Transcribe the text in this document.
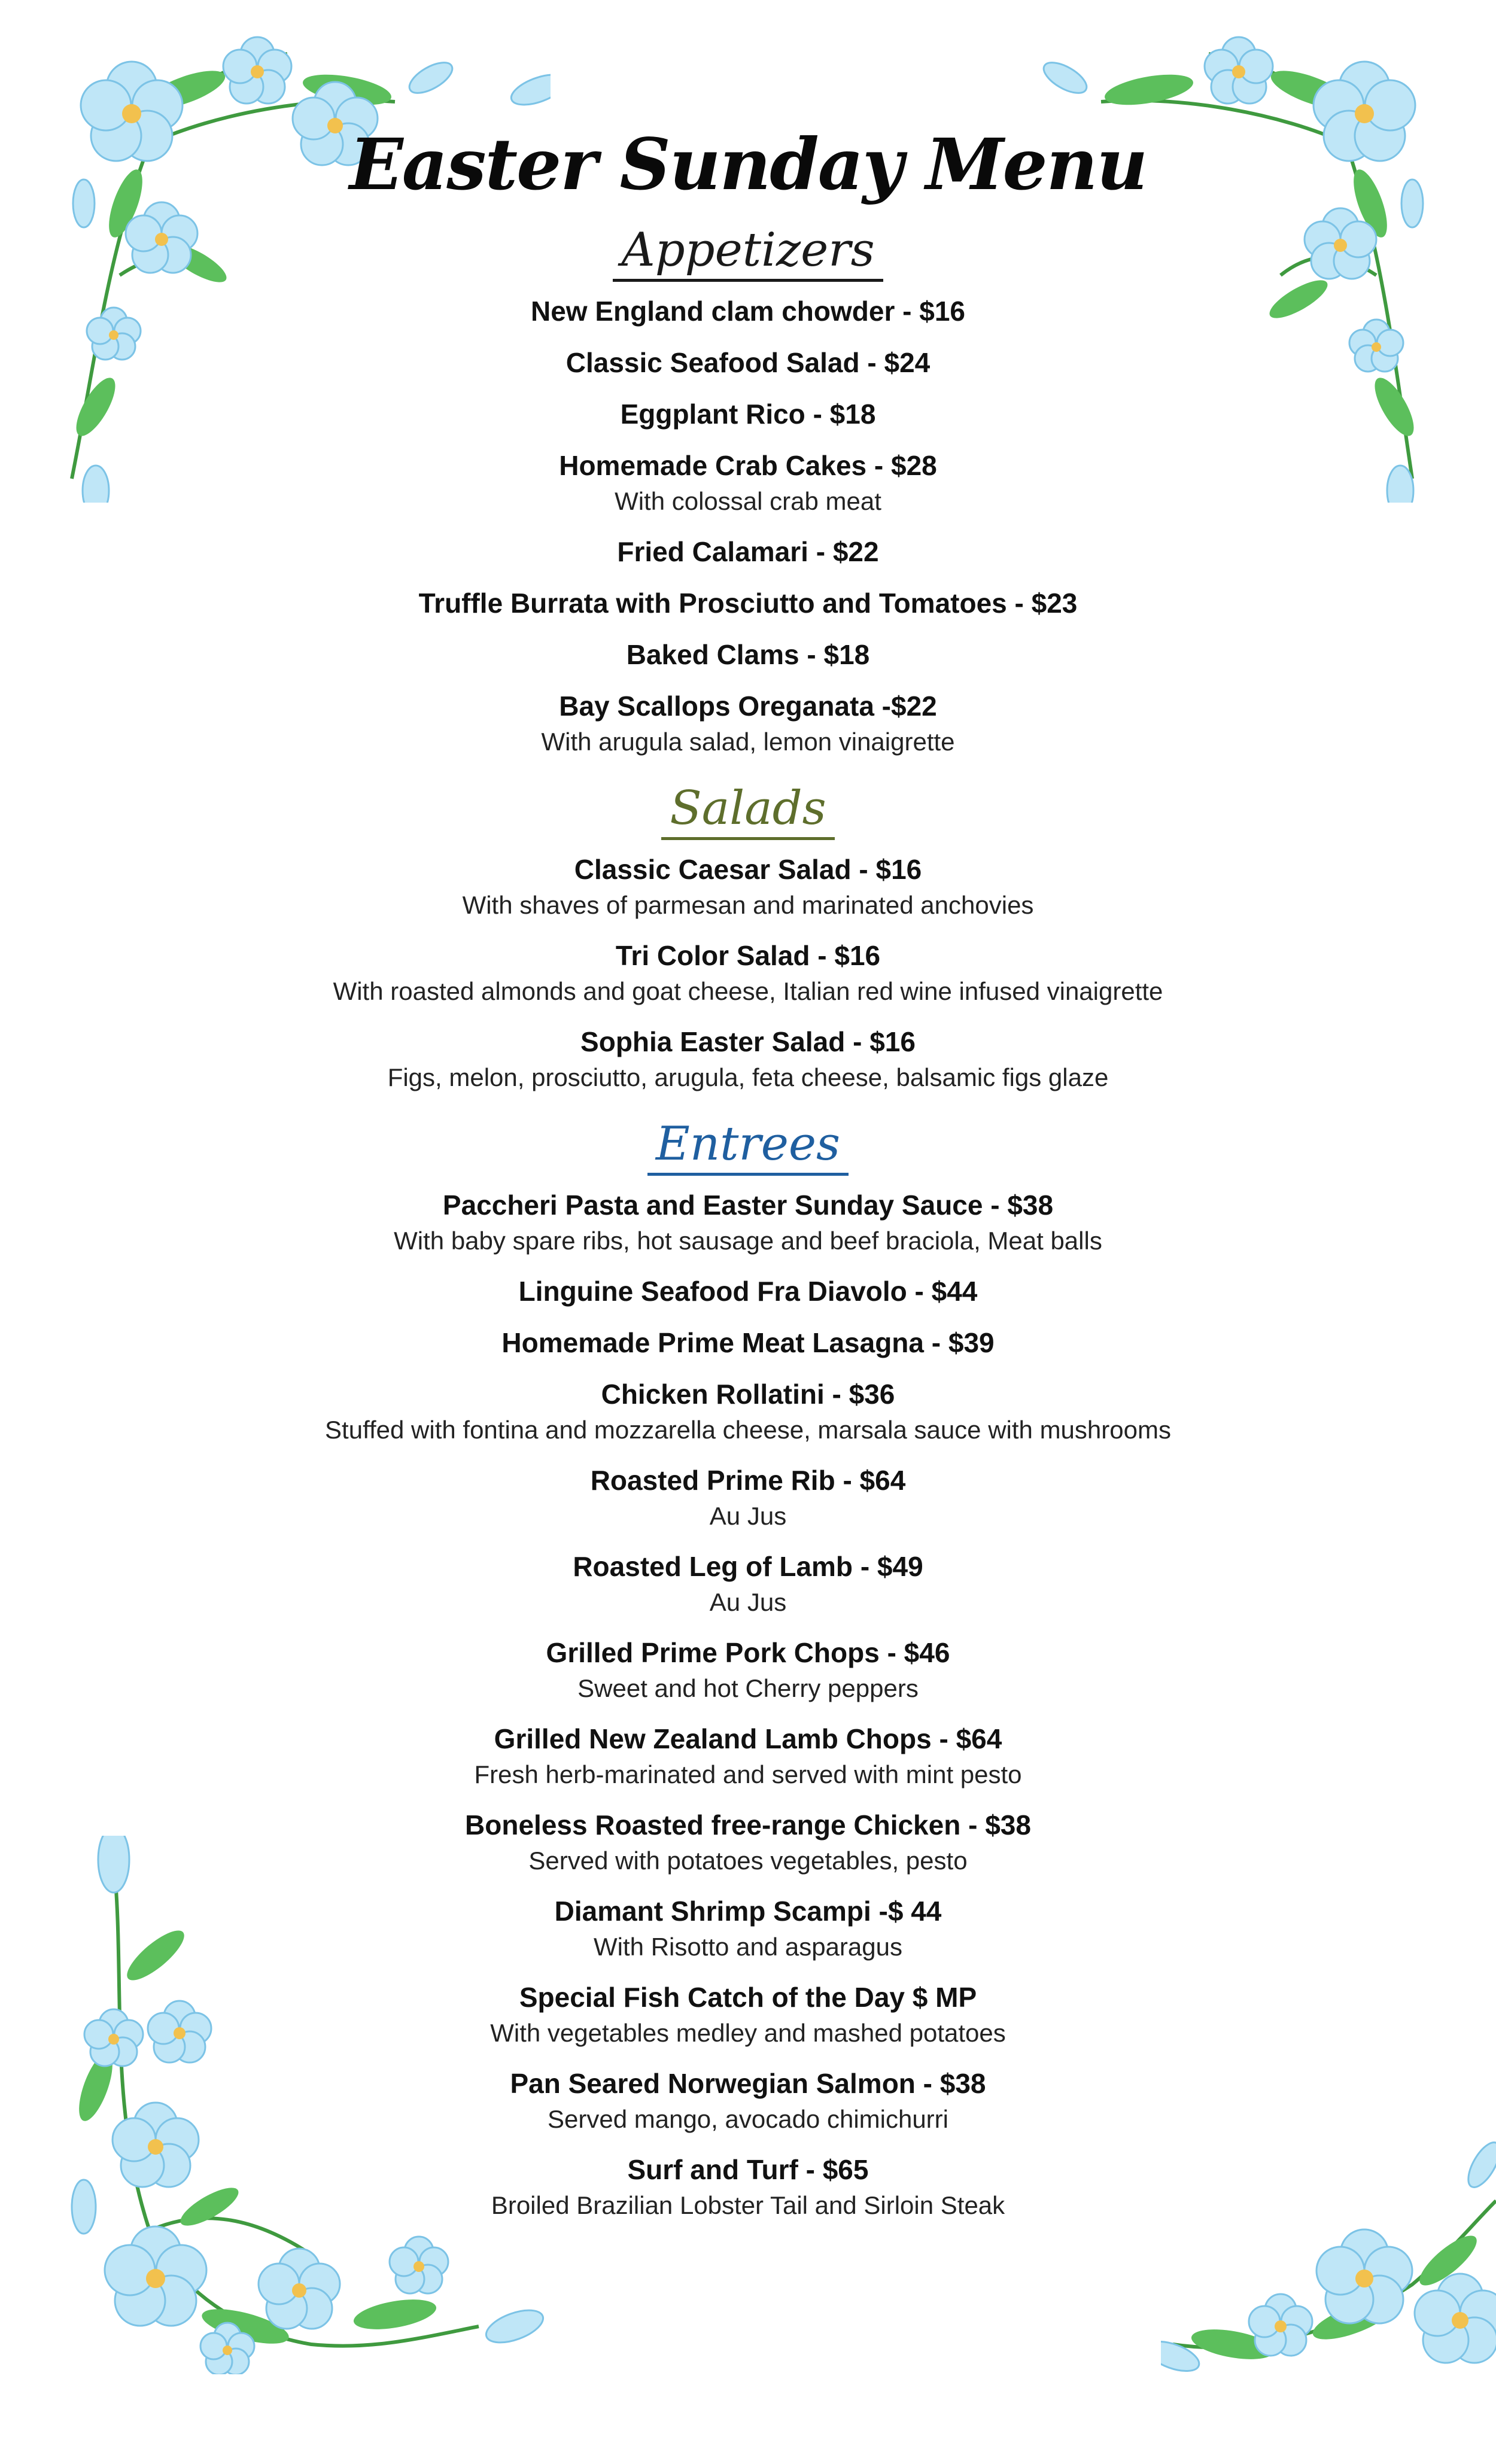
Easter Sunday Menu
Appetizers
New England clam chowder - $16
Classic Seafood Salad - $24
Eggplant Rico - $18
Homemade Crab Cakes - $28
With colossal crab meat
Fried Calamari - $22
Truffle Burrata with Prosciutto and Tomatoes - $23
Baked Clams - $18
Bay Scallops Oreganata -$22
With arugula salad, lemon vinaigrette
Salads
Classic Caesar Salad - $16
With shaves of parmesan and marinated anchovies
Tri Color Salad - $16
With roasted almonds and goat cheese, Italian red wine infused vinaigrette
Sophia Easter Salad - $16
Figs, melon, prosciutto, arugula, feta cheese, balsamic figs glaze
Entrees
Paccheri Pasta and Easter Sunday Sauce - $38
With baby spare ribs, hot sausage and beef braciola, Meat balls
Linguine Seafood Fra Diavolo - $44
Homemade Prime Meat Lasagna - $39
Chicken Rollatini - $36
Stuffed with fontina and mozzarella cheese, marsala sauce with mushrooms
Roasted Prime Rib - $64
Au Jus
Roasted Leg of Lamb - $49
Au Jus
Grilled Prime Pork Chops - $46
Sweet and hot Cherry peppers
Grilled New Zealand Lamb Chops - $64
Fresh herb-marinated and served with mint pesto
Boneless Roasted free-range Chicken - $38
Served with potatoes vegetables, pesto
Diamant Shrimp Scampi -$ 44
With Risotto and asparagus
Special Fish Catch of the Day $ MP
With vegetables medley and mashed potatoes
Pan Seared Norwegian Salmon - $38
Served mango, avocado chimichurri
Surf and Turf - $65
Broiled Brazilian Lobster Tail and Sirloin Steak
